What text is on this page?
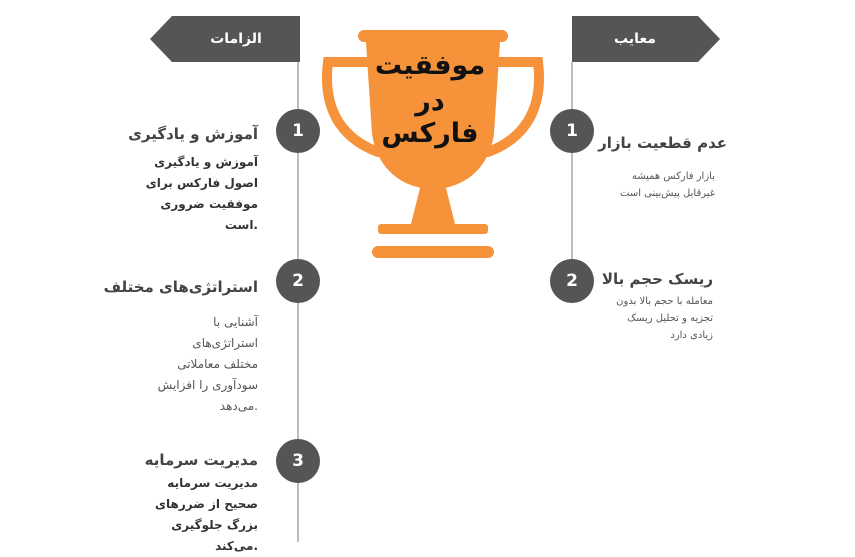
الزامات	معایب
موفقیت
در
فارکس
1
آموزش و یادگیری
آموزش و یادگیری
اصول فارکس برای
موفقیت ضروری
.است
2
استراتژی‌های مختلف
آشنایی با
استراتژی‌های
مختلف معاملاتی
سودآوری را افزایش
.می‌دهد
3
مدیریت سرمایه
مدیریت سرمایه
صحیح از ضررهای
بزرگ جلوگیری
.می‌کند
1
عدم قطعیت بازار
بازار فارکس همیشه
غیرقابل پیش‌بینی است
2	ریسک حجم بالا
معامله با حجم بالا بدون
تجزیه و تحلیل ریسک
زیادی دارد
